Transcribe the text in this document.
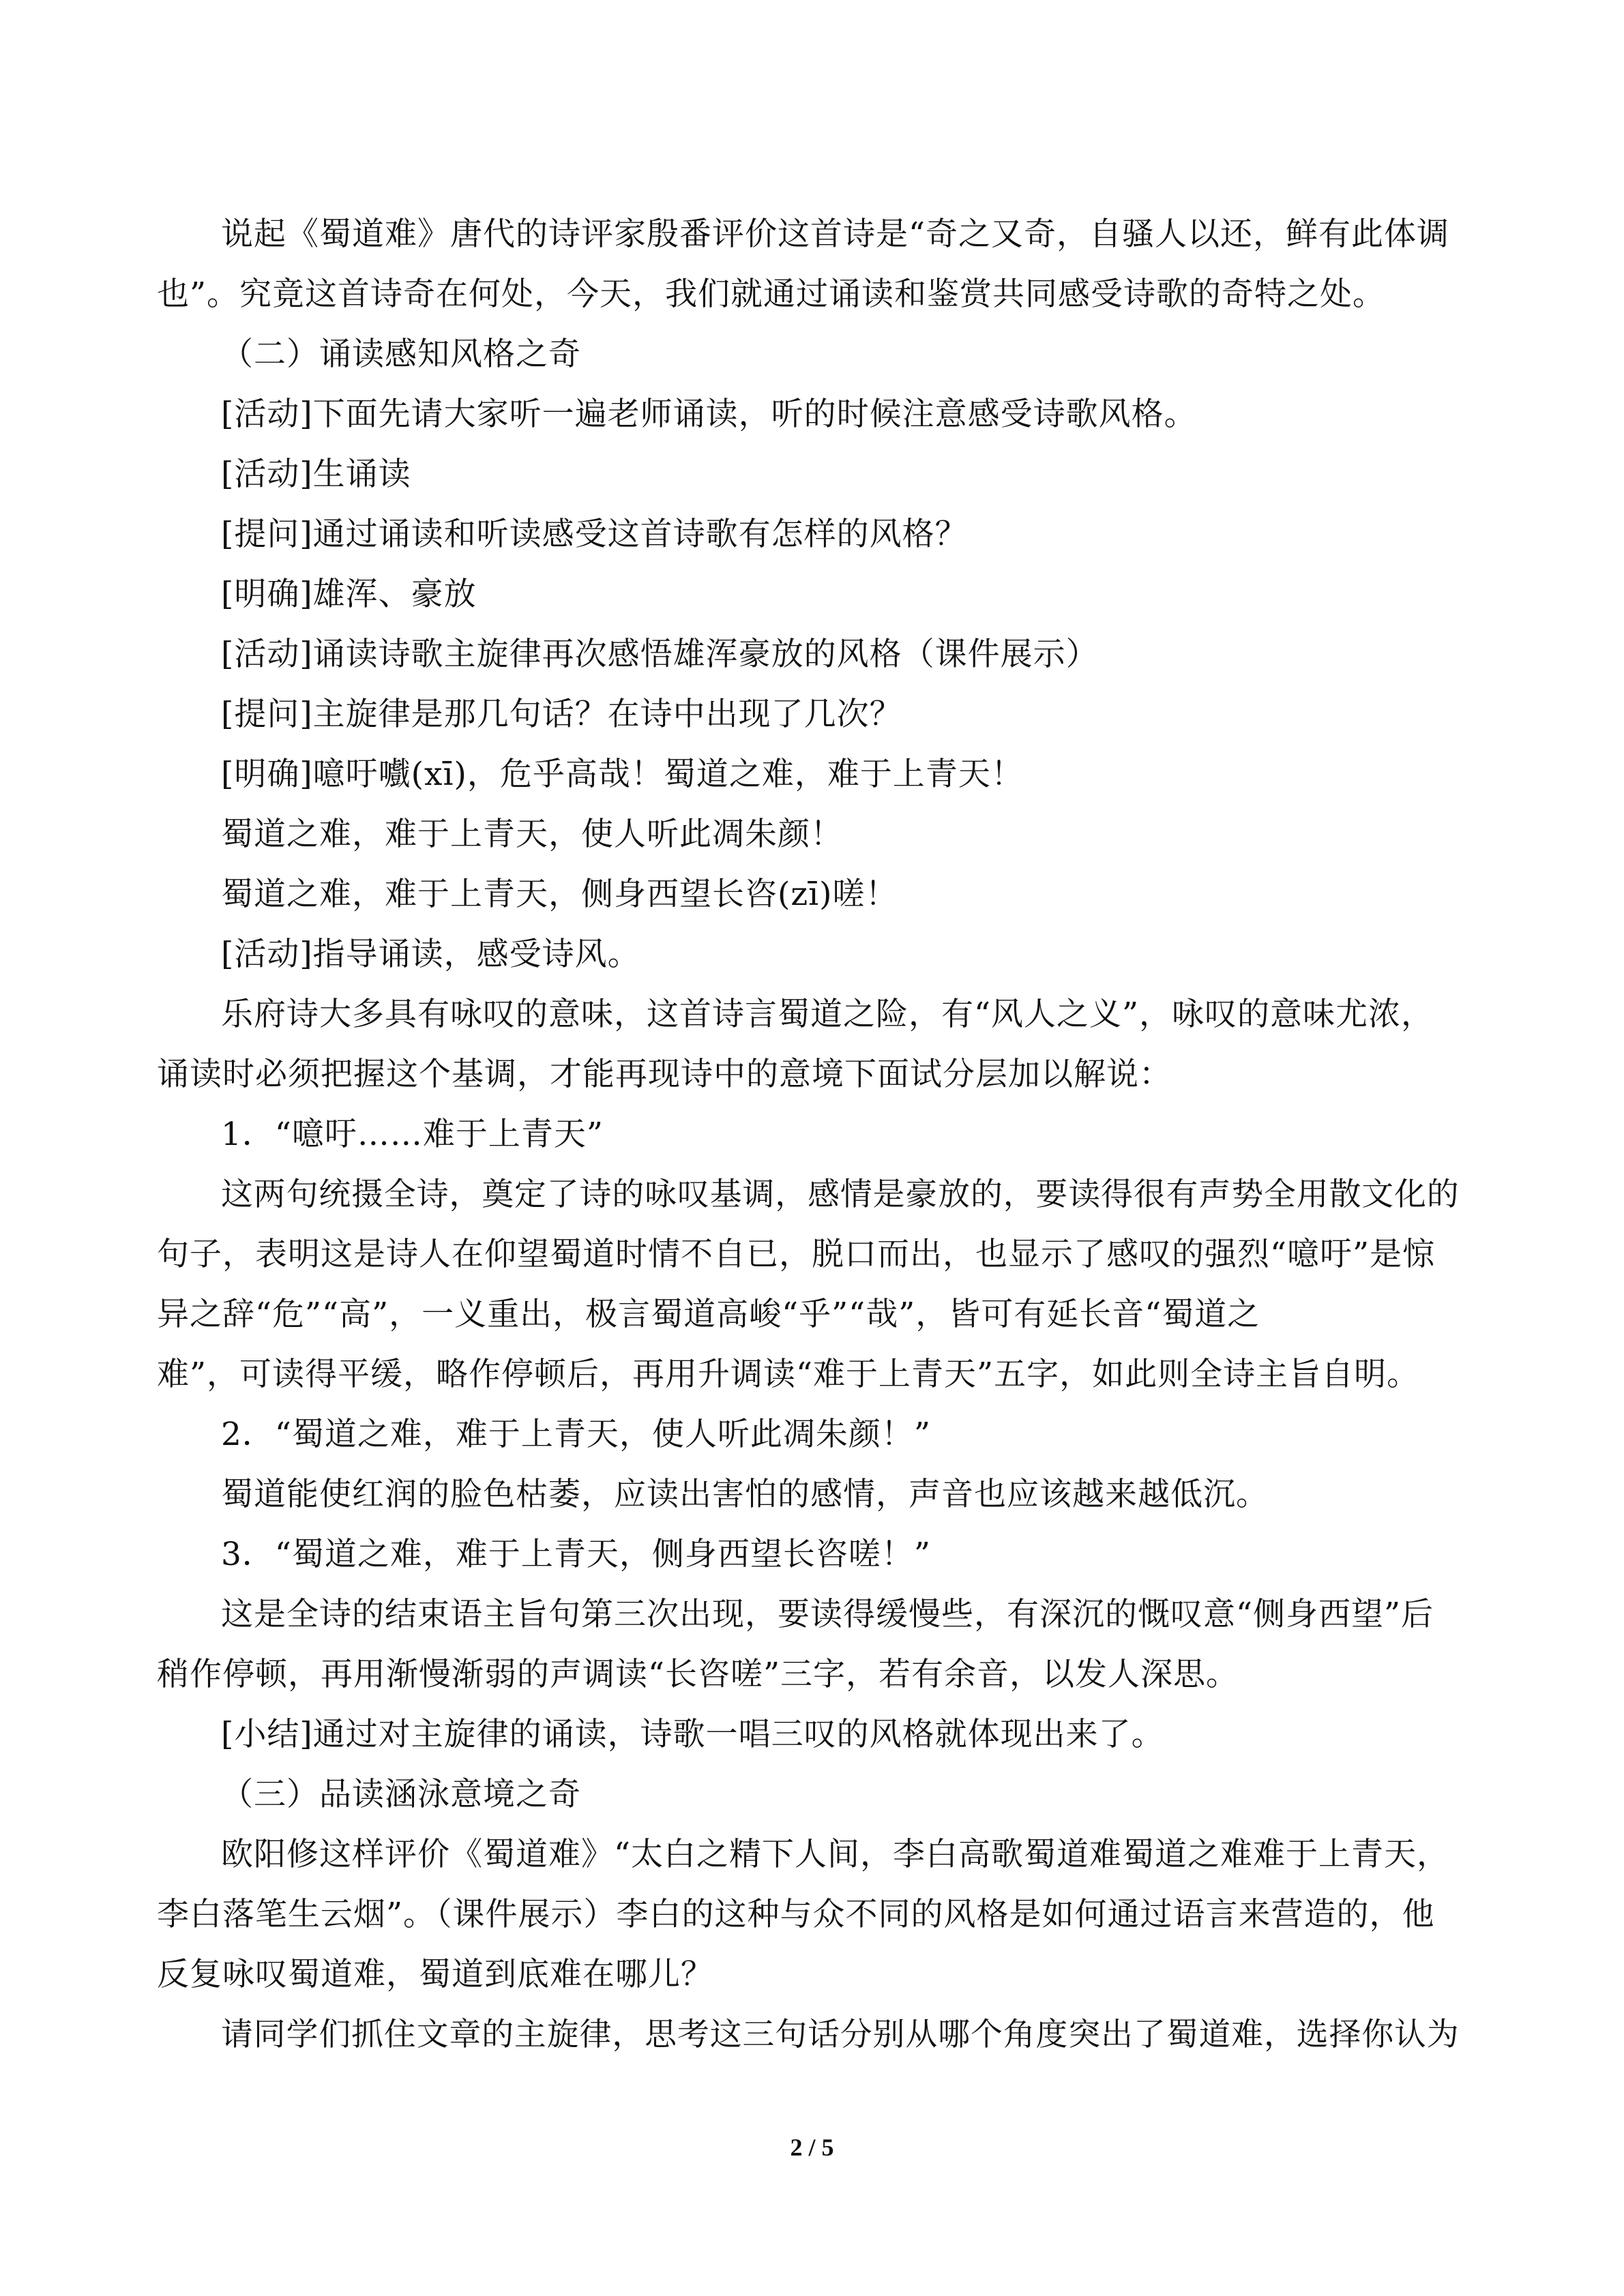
说起《蜀道难》唐代的诗评家殷番评价这首诗是“奇之又奇，自骚人以还，鲜有此体调
也”。究竟这首诗奇在何处，今天，我们就通过诵读和鉴赏共同感受诗歌的奇特之处。
（二）诵读感知风格之奇
[活动]下面先请大家听一遍老师诵读，听的时候注意感受诗歌风格。
[活动]生诵读
[提问]通过诵读和听读感受这首诗歌有怎样的风格？
[明确]雄浑、豪放
[活动]诵读诗歌主旋律再次感悟雄浑豪放的风格（课件展示）
[提问]主旋律是那几句话？在诗中出现了几次？
[明确]噫吁嚱(xī)，危乎高哉！蜀道之难，难于上青天！
蜀道之难，难于上青天，使人听此凋朱颜！
蜀道之难，难于上青天，侧身西望长咨(zī)嗟！
[活动]指导诵读，感受诗风。
乐府诗大多具有咏叹的意味，这首诗言蜀道之险，有“风人之义”，咏叹的意味尤浓，
诵读时必须把握这个基调，才能再现诗中的意境下面试分层加以解说：
1．“噫吁……难于上青天”
这两句统摄全诗，奠定了诗的咏叹基调，感情是豪放的，要读得很有声势全用散文化的
句子，表明这是诗人在仰望蜀道时情不自已，脱口而出，也显示了感叹的强烈“噫吁”是惊
异之辞“危”“高”，一义重出，极言蜀道高峻“乎”“哉”，皆可有延长音“蜀道之
难”，可读得平缓，略作停顿后，再用升调读“难于上青天”五字，如此则全诗主旨自明。
2．“蜀道之难，难于上青天，使人听此凋朱颜！”
蜀道能使红润的脸色枯萎，应读出害怕的感情，声音也应该越来越低沉。
3．“蜀道之难，难于上青天，侧身西望长咨嗟！”
这是全诗的结束语主旨句第三次出现，要读得缓慢些，有深沉的慨叹意“侧身西望”后
稍作停顿，再用渐慢渐弱的声调读“长咨嗟”三字，若有余音，以发人深思。
[小结]通过对主旋律的诵读，诗歌一唱三叹的风格就体现出来了。
（三）品读涵泳意境之奇
欧阳修这样评价《蜀道难》“太白之精下人间，李白高歌蜀道难蜀道之难难于上青天，
李白落笔生云烟”。（课件展示）李白的这种与众不同的风格是如何通过语言来营造的，他
反复咏叹蜀道难，蜀道到底难在哪儿？
请同学们抓住文章的主旋律，思考这三句话分别从哪个角度突出了蜀道难，选择你认为
2 / 5
